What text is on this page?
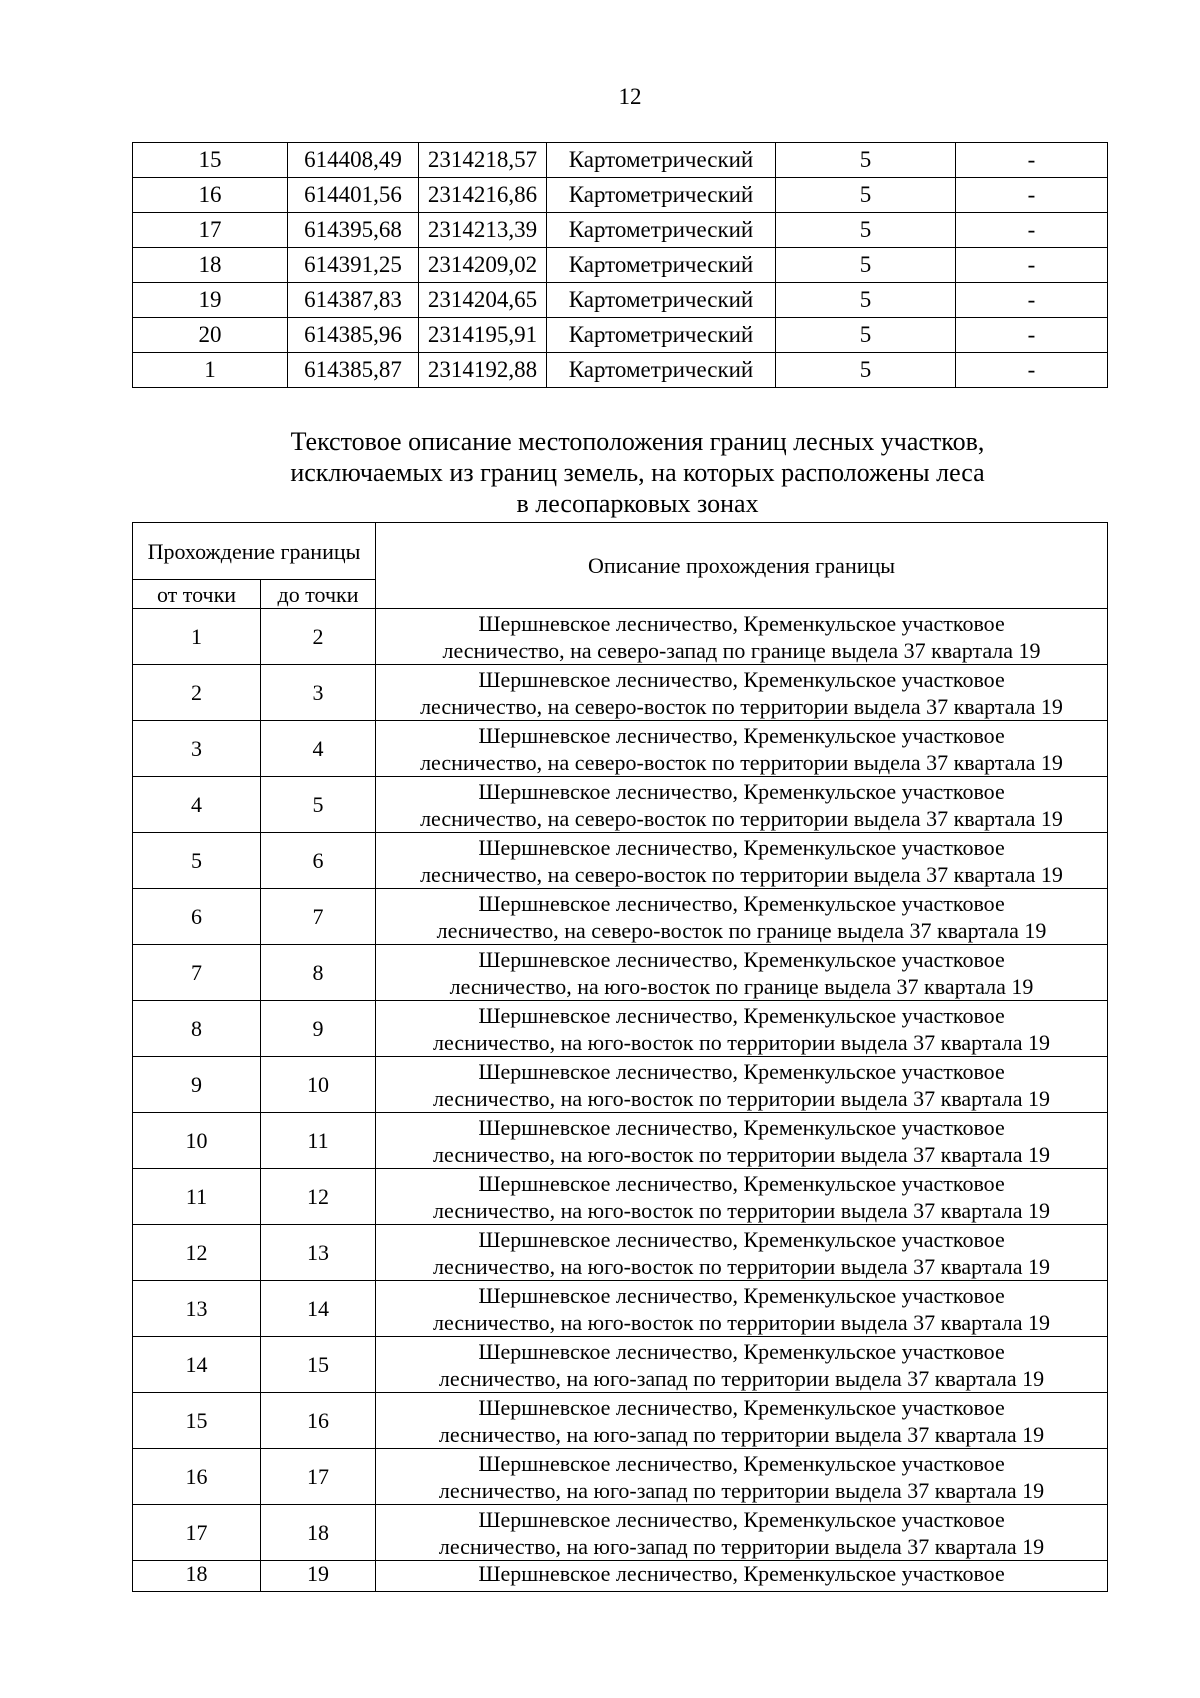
12
15	614408,49	2314218,57	Картометрический	5	-
16	614401,56	2314216,86	Картометрический	5	-
17	614395,68	2314213,39	Картометрический	5	-
18	614391,25	2314209,02	Картометрический	5	-
19	614387,83	2314204,65	Картометрический	5	-
20	614385,96	2314195,91	Картометрический	5	-
1	614385,87	2314192,88	Картометрический	5	-
Текстовое описание местоположения границ лесных участков,
исключаемых из границ земель, на которых расположены леса
в лесопарковых зонах
Прохождение границы		Описание прохождения границы
от точки	до точки	
1	2	Шершневское лесничество, Кременкульское участковое
лесничество, на северо-запад по границе выдела 37 квартала 19

2	3	Шершневское лесничество, Кременкульское участковое
лесничество, на северо-восток по территории выдела 37 квартала 19

3	4	Шершневское лесничество, Кременкульское участковое
лесничество, на северо-восток по территории выдела 37 квартала 19

4	5	Шершневское лесничество, Кременкульское участковое
лесничество, на северо-восток по территории выдела 37 квартала 19

5	6	Шершневское лесничество, Кременкульское участковое
лесничество, на северо-восток по территории выдела 37 квартала 19

6	7	Шершневское лесничество, Кременкульское участковое
лесничество, на северо-восток по границе выдела 37 квартала 19

7	8	Шершневское лесничество, Кременкульское участковое
лесничество, на юго-восток по границе выдела 37 квартала 19

8	9	Шершневское лесничество, Кременкульское участковое
лесничество, на юго-восток по территории выдела 37 квартала 19

9	10	Шершневское лесничество, Кременкульское участковое
лесничество, на юго-восток по территории выдела 37 квартала 19

10	11	Шершневское лесничество, Кременкульское участковое
лесничество, на юго-восток по территории выдела 37 квартала 19

11	12	Шершневское лесничество, Кременкульское участковое
лесничество, на юго-восток по территории выдела 37 квартала 19

12	13	Шершневское лесничество, Кременкульское участковое
лесничество, на юго-восток по территории выдела 37 квартала 19

13	14	Шершневское лесничество, Кременкульское участковое
лесничество, на юго-восток по территории выдела 37 квартала 19

14	15	Шершневское лесничество, Кременкульское участковое
лесничество, на юго-запад по территории выдела 37 квартала 19

15	16	Шершневское лесничество, Кременкульское участковое
лесничество, на юго-запад по территории выдела 37 квартала 19

16	17	Шершневское лесничество, Кременкульское участковое
лесничество, на юго-запад по территории выдела 37 квартала 19

17	18	Шершневское лесничество, Кременкульское участковое
лесничество, на юго-запад по территории выдела 37 квартала 19

18	19	Шершневское лесничество, Кременкульское участковое
